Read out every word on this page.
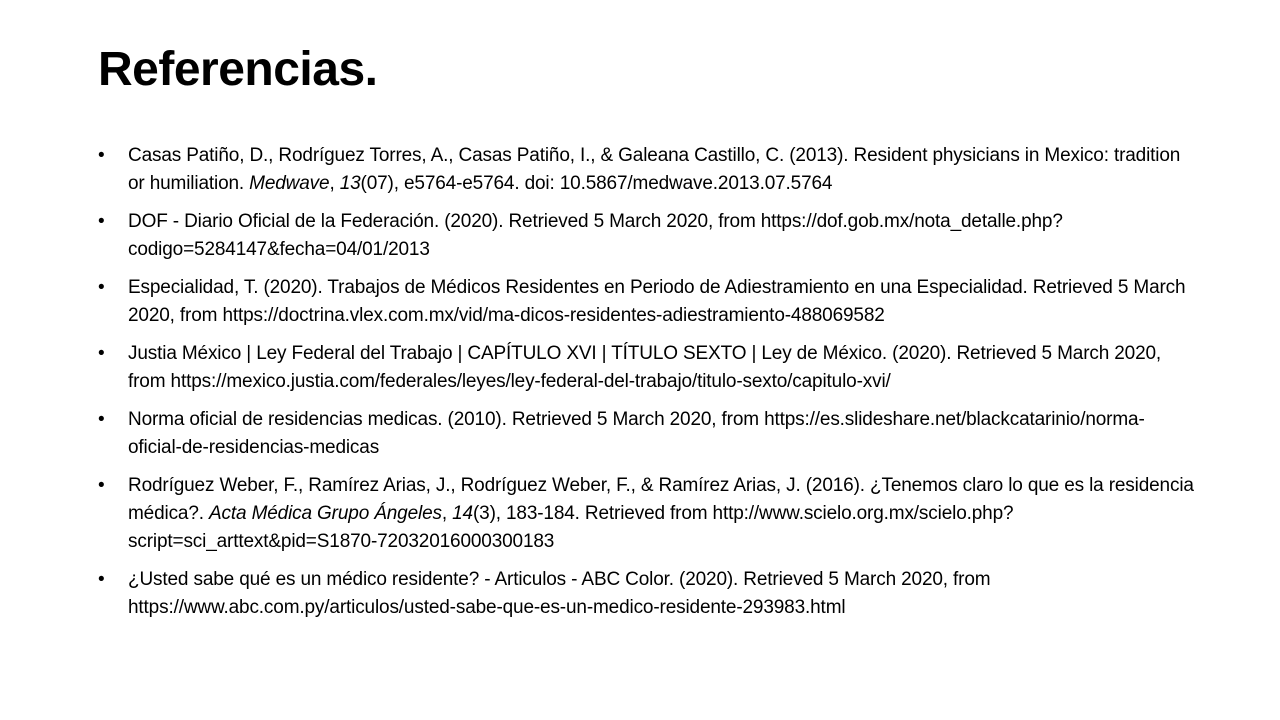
Referencias.
• Casas Patiño, D., Rodríguez Torres, A., Casas Patiño, I., & Galeana Castillo, C. (2013). Resident physicians in Mexico: tradition or humiliation. Medwave, 13(07), e5764-e5764. doi: 10.5867/medwave.2013.07.5764
• DOF - Diario Oficial de la Federación. (2020). Retrieved 5 March 2020, from https://dof.gob.mx/nota_detalle.php?codigo=5284147&fecha=04/01/2013
• Especialidad, T. (2020). Trabajos de Médicos Residentes en Periodo de Adiestramiento en una Especialidad. Retrieved 5 March 2020, from https://doctrina.vlex.com.mx/vid/ma-dicos-residentes-adiestramiento-488069582
• Justia México | Ley Federal del Trabajo | CAPÍTULO XVI | TÍTULO SEXTO | Ley de México. (2020). Retrieved 5 March 2020, from https://mexico.justia.com/federales/leyes/ley-federal-del-trabajo/titulo-sexto/capitulo-xvi/
• Norma oficial de residencias medicas. (2010). Retrieved 5 March 2020, from https://es.slideshare.net/blackcatarinio/norma-oficial-de-residencias-medicas
• Rodríguez Weber, F., Ramírez Arias, J., Rodríguez Weber, F., & Ramírez Arias, J. (2016). ¿Tenemos claro lo que es la residencia médica?. Acta Médica Grupo Ángeles, 14(3), 183-184. Retrieved from http://www.scielo.org.mx/scielo.php?script=sci_arttext&pid=S1870-72032016000300183
• ¿Usted sabe qué es un médico residente? - Articulos - ABC Color. (2020). Retrieved 5 March 2020, from https://www.abc.com.py/articulos/usted-sabe-que-es-un-medico-residente-293983.html
